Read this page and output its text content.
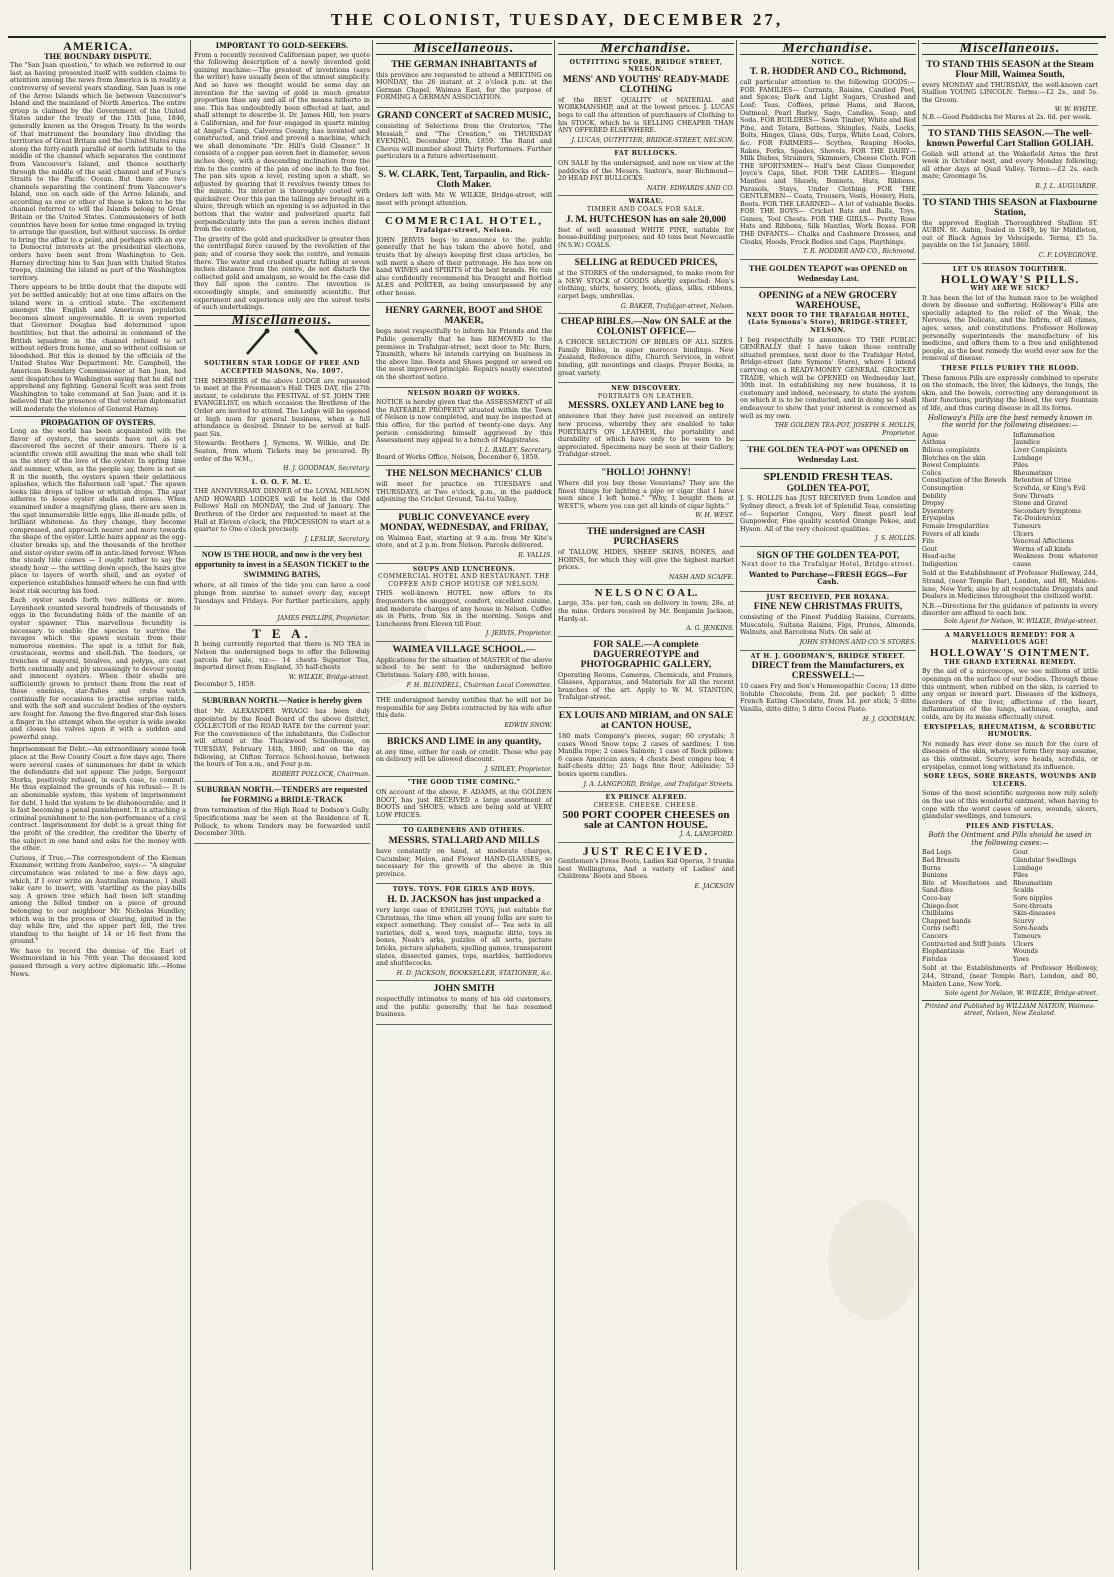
THE COLONIST, TUESDAY, DECEMBER 27,
AMERICA.
THE BOUNDARY DISPUTE.

The "San Juan question," to which we referred in our last as having presented itself with sudden claims to attention among the news from America is in reality a controversy of several years standing. San Juan is one of the Arroo Islands which lie between Vancouver's Island and the mainland of North America. The entire group is claimed by the Government of the United States under the treaty of the 15th June, 1846, generally known as the Oregon Treaty. In the words of that instrument the boundary line dividing the territories of Great Britain and the United States runs along the forty-ninth parallel of north latitude to the middle of the channel which separates the continent from Vancouver's Island, and thence southerly through the middle of the said channel and of Fuca's Straits to the Pacific Ocean. But there are two channels separating the continent from Vancouver's Island, one on each side of the Arroo Islands, and according as one or other of these is taken to be the channel referred to will the Islands belong to Great Britain or the United States. Commissioners of both countries have been for some time engaged in trying to arrange the question, but without success. In order to bring the affair to a point, and perhaps with an eye to Democrat interests at the presidential elections, orders have been sent from Washington to Gen. Harney directing him to San Juan with United States troops, claiming the island as part of the Washington territory.

There appears to be little doubt that the dispute will yet be settled amicably; but at one time affairs on the island were in a critical state. The excitement amongst the English and American population becomes almost ungovernable. It is even reported that Governor Douglas had determined upon hostilities; but that the admiral in command of the British squadron in the channel refused to act without orders from home, and so without collision or bloodshed. But this is denied by the officials of the United States War Department. Mr. Campbell, the American Boundary Commissioner at San Juan, had sent despatches to Washington saying that he did not apprehend any fighting. General Scott was sent from Washington to take command at San Juan; and it is believed that the presence of that veteran diplomatist will moderate the violence of General Harney.

PROPAGATION OF OYSTERS.

Long as the world has been acquainted with the flavor of oysters, the savants have not as yet discovered the secret of their amours. There is a scientific crown still awaiting the man who shall tell us the story of the love of the oyster. In spring time and summer, when, as the people say, there is not an R in the month, the oysters spawn their gelatinous splashes, which the fishermen call 'spat.' The spawn looks like drops of tallow or whitish drops. The spat adheres to loose oyster shells and stones. When examined under a magnifying glass, there are seen in the spat innumerable little eggs, like ill-made pills, of brilliant whiteness. As they change, they become compressed, and approach nearer and more towards the shape of the oyster. Little hairs appear as the egg-cluster breaks up, and the thousands of the brother and sister oyster swim off in antic-lined fervour. When the steady tide comes — I ought rather to say the steady hour — the settling down epoch, the hairs give place to layers of worth shell, and an oyster of experience establishes himself where he can find with least risk securing his food.

Each oyster sends forth two millions or more. Levenhoek counted several hundreds of thousands of eggs in the fecundating folds of the mantle of an oyster spawner. This marvellous fecundity is necessary to enable the species to survive the ravages which the spawn sustain from their numerous enemies. The spat is a titbit for fish, crustacean, worms and shell-fish. The feeders, or trenches of mayoral, bivalves, and polyps, are cast forth continually and ply unceasingly to devour young and innocent oysters. When their shells are sufficiently grown to protect them from the rest of those enemies, star-fishes and crabs watch continually for occasions to practise surprise raids, and with the soft and succulent bodies of the oysters are fought for. Among the five-fingered star-fish loses a finger in the attempt when the oyster is wide awake and closes his valves upon it with a sudden and powerful snap.

Imprisonment for Debt.—An extraordinary scene took place at the Bow County Court a few days ago. There were several cases of summonses for debt in which the defendants did not appear. The judge, Sergeant Storks, positively refused, in each case, to commit. He thus explained the grounds of his refusal:— It is an abominable system, this system of imprisonment for debt. I hold the system to be dishonourable; and it is fast becoming a penal punishment. It is attaching a criminal punishment to the non-performance of a civil contract. Imprisonment for debt is a great thing for the profit of the creditor, the creditor the liberty of the subject in one hand and asks for the money with the other.

Curious, if True.—The correspondent of the Kieman Examiner, writing from Aanberoo, says:— "A singular circumstance was related to me a few days ago, which, if I ever write an Australian romance, I shall take care to insert, with 'startling' as the play-bills say. A grown tree which had been left standing among the felled timber on a piece of ground belonging to our neighbour Mr. Nicholas Handley, which was in the process of clearing, ignited in the day while fire, and the upper part fell, the tree standing to the height of 14 or 16 feet from the ground."

We have to record the demise of the Earl of Westmoreland in his 76th year. The deceased lord passed through a very active diplomatic life.—Home News.

IMPORTANT TO GOLD-SEEKERS.

From a recently received Californian paper, we quote the following description of a newly invented gold gaining machine:—The greatest of inventions (says the writer) have usually been of the utmost simplicity. And so have we thought would be some day an invention for the saving of gold in much greater proportion than any and all of the means hitherto in use. This has undoubtedly been effected at last, and shall attempt to describe it. Dr. James Hill, ten years a Californian, and for four engaged in quartz mining at Angel's Camp, Calveras County, has invented and constructed, and tried and proved a machine, which we shall denominate "Dr. Hill's Gold Cleaner." It consists of a copper pan seven feet in diameter, seven inches deep, with a descending inclination from the rim to the centre of the pan of one inch to the foot. The pan sits upon a level, resting upon a shaft, so adjusted by gearing that it revolves twenty times to the minute. Its interior is thoroughly coated with quicksilver. Over this pan the tailings are brought in a sluice, through which an opening is so adjusted in the bottom that the water and pulverized quartz fall perpendicularly into the pan a seven inches distant from the centre.

The gravity of the gold and quicksilver is greater than the centrifugal force caused by the revolution of the pan; and of course they seek the centre, and remain there. The water and crushed quartz falling at seven inches distance from the centre, do not disturb the collected gold and amalgam, so would be the case did they fall upon the centre. The invention is exceedingly simple, and eminently scientific. But experiment and experience only are the surest tests of such undertakings.

Miscellaneous.
SOUTHERN STAR LODGE OF FREE AND ACCEPTED MASONS, No. 1097.

THE MEMBERS of the above LODGE are requested to meet at the Freemason's Hall THIS DAY, the 27th instant, to celebrate the FESTIVAL of ST. JOHN THE EVANGELIST, on which occasion the Brethren of the Order are invited to attend. The Lodge will be opened at high noon for general business, when a full attendance is desired. Dinner to be served at half-past Six.

Stewards: Brothers J. Symons, W. Wilkie, and Dr. Seaton, from whom Tickets may be procured. By order of the W.M.,

H. J. GOODMAN, Secretary.
I. O. O. F. M. U.

THE ANNIVERSARY DINNER of the LOYAL NELSON AND HOWARD LODGES will be held in the Odd Fellows' Hall on MONDAY, the 2nd of January. The Brethren of the Order are requested to meet at the Hall at Eleven o'clock, the PROCESSION to start at a quarter to One o'clock precisely.

J. LESLIE, Secretary.
NOW IS THE HOUR, and now is the very best opportunity to invest in a SEASON TICKET to the SWIMMING BATHS,

where, at all times of the tide you can have a cool plunge from sunrise to sunset every day, except Tuesdays and Fridays. For further particulars, apply to

JAMES PHILLIPS, Proprietor.
T E A.

It being currently reported that there is NO TEA in Nelson the undersigned begs to offer the following parcels for sale, viz:— 14 chests Superior Tea, imported direct from England, 35 half-chests

W. WILKIE, Bridge-street.
December 5, 1859.
SUBURBAN NORTH.—Notice is hereby given

that Mr. ALEXANDER WRAGG has been duly appointed by the Road Board of the above district, COLLECTOR of the ROAD RATE for the current year. For the convenience of the inhabitants, the Collector will attend at the Thackwood Schoolhouse, on TUESDAY, February 14th, 1860; and on the day following, at Clifton Terrace School-house, between the hours of Ten a.m., and Four p.m.

ROBERT POLLOCK, Chairman.
SUBURBAN NORTH.—TENDERS are requested for FORMING a BRIDLE-TRACK

from termination of the High Road to Dodson's Gully. Specifications may be seen at the Residence of R. Pollock, to whom Tenders may be forwarded until December 30th.

Miscellaneous.
THE GERMAN INHABITANTS of

this province are requested to attend a MEETING on MONDAY, the 26 instant at 2 o'clock p.m. at the German Chapel, Waimea East, for the purpose of FORMING A GERMAN ASSOCIATION.

GRAND CONCERT of SACRED MUSIC,

consisting of Selections from the Oratorios, "The Messiah," and "The Creation," on THURSDAY EVENING, December 29th, 1859. The Band and Chorus will number about Thirty Performers. Further particulars in a future advertisement.

S. W. CLARK, Tent, Tarpaulin, and Rick-Cloth Maker.

Orders left with Mr. W. WILKIE, Bridge-street, will meet with prompt attention.

COMMERCIAL HOTEL,
Trafalgar-street, Nelson.

JOHN JERVIS begs to announce to the public generally that he has taken the above hotel, and trusts that by always keeping first class articles, he will merit a share of their patronage. He has now on hand WINES and SPIRITS of the best brands. He can also confidently recommend his Draught and Bottled ALES and PORTER, as being unsurpassed by any other house.

HENRY GARNER, BOOT and SHOE MAKER,

begs most respectfully to inform his Friends and the Public generally that he has REMOVED to the premises in Trafalgar-street, next door to Mr. Burn, Tinsmith, where he intends carrying on business in the above line. Boots and Shoes pegged or sewed on the most improved principle. Repairs neatly executed on the shortest notice.

NELSON BOARD OF WORKS.

NOTICE is hereby given that the ASSESSMENT of all the RATEABLE PROPERTY situated within the Town of Nelson is now completed, and may be inspected at this office, for the period of twenty-one days. Any person considering himself aggrieved by this Assessment may appeal to a bench of Magistrates.

J. L. BAILEY, Secretary.
Board of Works Office, Nelson, December 6, 1859.
THE NELSON MECHANICS' CLUB

will meet for practice on TUESDAYS and THURSDAYS, at Two o'clock, p.m., in the paddock adjoining the Cricket Ground, Tai-toi Valley.

PUBLIC CONVEYANCE every MONDAY, WEDNESDAY, and FRIDAY,

on Waimea East, starting at 9 a.m. from Mr Kite's store, and at 2 p.m. from Nelson. Parcels delivered.

R. VALLIS.
SOUPS AND LUNCHEONS.
COMMERCIAL HOTEL AND RESTAURANT. THE COFFEE AND CHOP HOUSE OF NELSON.

THIS well-known HOTEL now offers to its frequenters the snuggest, comfort, excellent cuisine, and moderate charges of any house in Nelson. Coffee as in Paris, from Six in the morning. Soups and Luncheons from Eleven till Four.

J. JERVIS, Proprietor.
WAIMEA VILLAGE SCHOOL.—

Applications for the situation of MASTER of the above school to be sent to the undersigned before Christmas. Salary £80, with house.

F. H. BLUNDELL, Chairman Local Committee.

THE undersigned hereby notifies that he will not be responsible for any Debts contracted by his wife after this date.

EDWIN SNOW.
BRICKS AND LIME in any quantity,

at any time, either for cash or credit. Those who pay on delivery will be allowed discount.

J. SIDLEY, Proprietor.
"THE GOOD TIME COMING."

ON account of the above, F. ADAMS, at the GOLDEN BOOT, has just RECEIVED a large assortment of BOOTS and SHOES, which are being sold at VERY LOW PRICES.

TO GARDENERS AND OTHERS.
MESSRS. STALLARD AND MILLS

have constantly on hand, at moderate charges, Cucumber, Melon, and Flower HAND-GLASSES, so necessary for the growth of the above in this province.

TOYS. TOYS. FOR GIRLS AND BOYS.
H. D. JACKSON has just unpacked a

very large case of ENGLISH TOYS, just suitable for Christmas, the time when all young folks are sure to expect something. They consist of— Tea sets in all varieties, doll s, wool toys, magnetic ditto, toys in boxes, Noah's arks, puzzles of all sorts, picture bricks, picture alphabets, spelling games, transparent slates, dissected games, tops, marbles, battledores and shuttlecocks.

H. D. JACKSON, BOOKSELLER, STATIONER, &c.
JOHN SMITH

respectfully intimates to many of his old customers, and the public generally, that he has resumed business.

Merchandise.
OUTFITTING STORE, BRIDGE STREET, NELSON.
MENS' AND YOUTHS' READY-MADE CLOTHING

of the BEST QUALITY of MATERIAL and WORKMANSHIP, and at the lowest prices. J. LUCAS begs to call the attention of purchasers of Clothing to his STOCK, which he is SELLING CHEAPER THAN ANY OFFERED ELSEWHERE.

J. LUCAS, OUTFITTER, BRIDGE-STREET, NELSON.
FAT BULLOCKS.

ON SALE by the undersigned, and now on view at the paddocks of the Messrs. Saxton's, near Richmond— 20 HEAD FAT BULLOCKS.

NATH. EDWARDS AND CO.
WAIRAU.
TIMBER AND COALS FOR SALE.
J. M. HUTCHESON has on sale 20,000

feet of well seasoned WHITE PINE, suitable for house-building purposes; and 40 tons best Newcastle (N.S.W.) COALS.

SELLING at REDUCED PRICES,

at the STORES of the undersigned, to make room for a NEW STOCK of GOODS shortly expected: Men's clothing, shirts, hosiery, boots, glass, silks, ribbons, carpet bags, umbrellas.

G. BAKER, Trafalgar-street, Nelson.
CHEAP BIBLES.—Now ON SALE at the COLONIST OFFICE—

A CHOICE SELECTION OF BIBLES OF ALL SIZES. Family Bibles, in super morocco bindings. New Zealand, Reference ditto, Church Services, in velvet binding, gilt mountings and clasps. Prayer Books, in great variety.

NEW DISCOVERY.
PORTRAITS ON LEATHER.
MESSRS. OXLEY AND LANE beg to

announce that they have just received an entirely new process, whereby they are enabled to take PORTRAITS ON LEATHER, the portability and durability of which have only to be seen to be appreciated. Specimens may be seen at their Gallery, Trafalgar-street.

"HOLLO! JOHNNY!

Where did you buy those Vesuvians? They are the finest things for lighting a pipe or cigar that I have seen since I left home." "Why, I bought them at WEST'S, where you can get all kinds of cigar lights."

W. H. WEST.
THE undersigned are CASH PURCHASERS

of TALLOW, HIDES, SHEEP SKINS, BONES, and HORNS, for which they will give the highest market prices.

NASH AND SCAIFE.
N E L S O N C O A L.

Large, 35s. per ton, cash on delivery in town; 28s. at the mine. Orders received by Mr. Benjamin Jackson, Hardy-st.

A. G. JENKINS.
FOR SALE.—A complete DAGUERREOTYPE and PHOTOGRAPHIC GALLERY,

Operating Rooms, Cameras, Chemicals, and Frames, Glasses, Apparatus, and Materials for all the recent branches of the art. Apply to W. M. STANTON, Trafalgar-street.

EX LOUIS AND MIRIAM, and ON SALE at CANTON HOUSE,

180 mats Company's pieces, sugar; 60 crystals; 3 cases Wood Snow tops; 2 cases of sardines; 1 ton Manilla rope; 2 cases Salmon; 1 case of Rock pillows; 6 cases American axes; 4 chests best congou tea; 4 half-chests ditto; 25 bags fine flour, Adelaide; 53 boxes sperm candles.

J. A. LANGFORD, Bridge, and Trafalgar Streets.
EX PRINCE ALFRED.
CHEESE. CHEESE. CHEESE.
500 PORT COOPER CHEESES on sale at CANTON HOUSE.
J. A. LANGFORD.
JUST RECEIVED.

Gentlemen's Dress Boots, Ladies Kid Operas, 3 trunks best Wellingtons, And a variety of Ladies' and Childrens' Boots and Shoes.

E. JACKSON
Merchandise.
NOTICE.
T. R. HODDER AND CO., Richmond,

call particular attention to the following GOODS:— FOR FAMILIES— Currants, Raisins, Candied Peel, and Spices; Dark and Light Sugars, Crushed and Loaf; Teas, Coffees, prime Hams, and Bacon, Oatmeal, Pearl Barley, Sago, Candles, Soap, and Soda. FOR BUILDERS— Sawn Timber, White and Red Pine, and Totara, Battens, Shingles, Nails, Locks, Bolts, Hinges, Glass, Oils, Turps, White Lead, Colors, &c. FOR FARMERS— Scythes, Reaping Hooks, Rakes, Forks, Spades, Shovels. FOR THE DAIRY— Milk Dishes, Strainers, Skimmers, Cheese Cloth. FOR THE SPORTSMEN— Hall's best Glass Gunpowder, Joyce's Caps, Shot. FOR THE LADIES— Elegant Mantles and Shawls, Bonnets, Hats, Ribbons, Parasols, Stays, Under Clothing. FOR THE GENTLEMEN— Coats, Trousers, Vests, Hosiery, Hats, Boots. FOR THE LEARNED— A lot of valuable Books. FOR THE BOYS— Cricket Bats and Balls, Toys, Games, Tool Chests. FOR THE GIRLS— Pretty Rose Hats and Ribbons, Silk Mantles, Work Boxes. FOR THE INFANTS— Chalks and Cashmere Dresses, and Cloaks, Hoods, Frock Bodies and Caps, Playthings.

T. R. HODDER AND CO., Richmond.
THE GOLDEN TEAPOT was OPENED on Wednesday Last.
OPENING of a NEW GROCERY WAREHOUSE,
NEXT DOOR TO THE TRAFALGAR HOTEL, (Late Symons's Store), BRIDGE-STREET, NELSON.

I beg respectfully to announce TO THE PUBLIC GENERALLY that I have taken those centrally situated premises, next door to the Trafalgar Hotel, Bridge-street (late Symons' Store), where I intend carrying on a READY-MONEY GENERAL GROCERY TRADE, which will be OPENED on Wednesday last, 30th inst. In establishing my new business, it is customary and indeed, necessary, to state the system on which it is to be conducted, and in doing so I shall endeavour to show that your interest is concerned as well as my own.

THE GOLDEN TEA-POT, JOSEPH S. HOLLIS, Proprietor.
THE GOLDEN TEA-POT was OPENED on Wednesday Last.
SPLENDID FRESH TEAS.
GOLDEN TEA-POT,

J. S. HOLLIS has JUST RECEIVED from London and Sydney direct, a fresh lot of Splendid Teas, consisting of— Superior Congou, Very finest pearl leaf Gunpowder, Fine quality scented Orange Pekoe, and Hyson. All of the very choicest qualities.

J. S. HOLLIS.
SIGN OF THE GOLDEN TEA-POT,
Next door to the Trafalgar Hotel, Bridge-street.
Wanted to Purchase—FRESH EGGS—For Cash.
JUST RECEIVED, PER ROXANA.
FINE NEW CHRISTMAS FRUITS,

consisting of the Finest Pudding Raisins, Currants, Muscatels, Sultana Raisins, Figs, Prunes, Almonds, Walnuts, and Barcelona Nuts. On sale at

JOHN SYMONS AND CO.'S STORES.
AT H. J. GOODMAN'S, BRIDGE STREET.
DIRECT from the Manufacturers, ex CRESSWELL:—

10 cases Fry and Son's Homoeopathic Cocoa; 13 ditto Soluble Chocolate, from 2d. per packet; 5 ditto French Eating Chocolate, from 1d. per stick; 5 ditto Vanilla, ditto ditto; 5 ditto Cocoa Paste.

H. J. GOODMAN.
Miscellaneous.
TO STAND THIS SEASON at the Steam Flour Mill, Waimea South,

every MONDAY and THURSDAY, the well-known cart Stallion YOUNG LINCOLN. Terms:—£2 2s., and 5s. the Groom.

W. W. WHITE.
N.B.—Good Paddocks for Mares at 2s. 6d. per week.
TO STAND THIS SEASON.—The well-known Powerful Cart Stallion GOLIAH.

Goliah will attend at the Wakefield Arms the first week in October next, and every Monday following; all other days at Quail Valley. Terms:—£2 2s. each mare; Groomage 5s.

R. J. L. AUGUARDE.
TO STAND THIS SEASON at Flaxbourne Station,

the approved English Thoroughbred Stallion ST. AUBIN. St. Aubin, foaled in 1849, by Sir Middleton, out of Black Agnes by Velocipede. Terms, £5 5s. payable on the 1st January, 1860.

C. F. LOVEGROVE.
LET US REASON TOGETHER.
HOLLOWAY'S PILLS.
WHY ARE WE SICK?

It has been the lot of the human race to be weighed down by disease and suffering. Holloway's Pills are specially adapted to the relief of the Weak, the Nervous, the Delicate, and the Infirm, of all climes, ages, sexes, and constitutions. Professor Holloway personally superintends the manufacture of his medicine, and offers them to a free and enlightened people, as the best remedy the world ever saw for the removal of disease.

THESE PILLS PURIFY THE BLOOD.

These famous Pills are expressly combined to operate on the stomach, the liver, the kidneys, the lungs, the skin, and the bowels, correcting any derangement in their functions, purifying the blood, the very fountain of life, and thus curing disease in all its forms.

Holloway's Pills are the best remedy known in the world for the following diseases:—
Ague
Asthma
Bilious complaints
Blotches on the skin
Bowel Complaints
Colics
Constipation of the Bowels
Consumption
Debility
Dropsy
Dysentery
Erysipelas
Female Irregularities
Fevers of all kinds
Fits
Gout
Head-ache
Indigestion
Inflammation
Jaundice
Liver Complaints
Lumbago
Piles
Rheumatism
Retention of Urine
Scrofula, or King's Evil
Sore Throats
Stone and Gravel
Secondary Symptoms
Tic-Douloureux
Tumours
Ulcers
Venereal Affections
Worms of all kinds
Weakness from whatever cause

Sold at the Establishment of Professor Holloway, 244, Strand, (near Temple Bar), London, and 80, Maiden-lane, New York; also by all respectable Druggists and Dealers in Medicines throughout the civilized world.

N.B.—Directions for the guidance of patients in every disorder are affixed to each box.
Sole Agent for Nelson, W. WILKIE, Bridge-street.
A MARVELLOUS REMEDY! FOR A MARVELLOUS AGE!
HOLLOWAY'S OINTMENT.
THE GRAND EXTERNAL REMEDY.

By the aid of a microscope, we see millions of little openings on the surface of our bodies. Through these this ointment, when rubbed on the skin, is carried to any organ or inward part. Diseases of the kidneys, disorders of the liver, affections of the heart, inflammation of the lungs, asthmas, coughs, and colds, are by its means effectually cured.

ERYSIPELAS, RHEUMATISM, & SCORBUTIC HUMOURS.

No remedy has ever done so much for the cure of diseases of the skin, whatever form they may assume, as this ointment. Scurvy, sore heads, scrofula, or erysipelas, cannot long withstand its influence.

SORE LEGS, SORE BREASTS, WOUNDS AND ULCERS.

Some of the most scientific surgeons now rely solely on the use of this wonderful ointment, when having to cope with the worst cases of sores, wounds, ulcers, glandular swellings, and tumours.

PILES AND FISTULAS.
Both the Ointment and Pills should be used in the following cases:—
Bad Legs
Bad Breasts
Burns
Bunions
Bite of Moschetoes and Sand-flies
Coco-bay
Chiego-foot
Chilblains
Chapped hands
Corns (soft)
Cancers
Contracted and Stiff Joints
Elephantiasis
Fistulas
Gout
Glandular Swellings
Lumbago
Piles
Rheumatism
Scalds
Sore nipples
Sore-throats
Skin-diseases
Scurvy
Sore-heads
Tumours
Ulcers
Wounds
Yaws

Sold at the Establishments of Professor Holloway, 244, Strand, (near Temple Bar), London, and 80, Maiden Lane, New York.

Sole agent for Nelson, W. WILKIE, Bridge-street.
Printed and Published by WILLIAM NATION, Waimea-street, Nelson, New Zealand.
